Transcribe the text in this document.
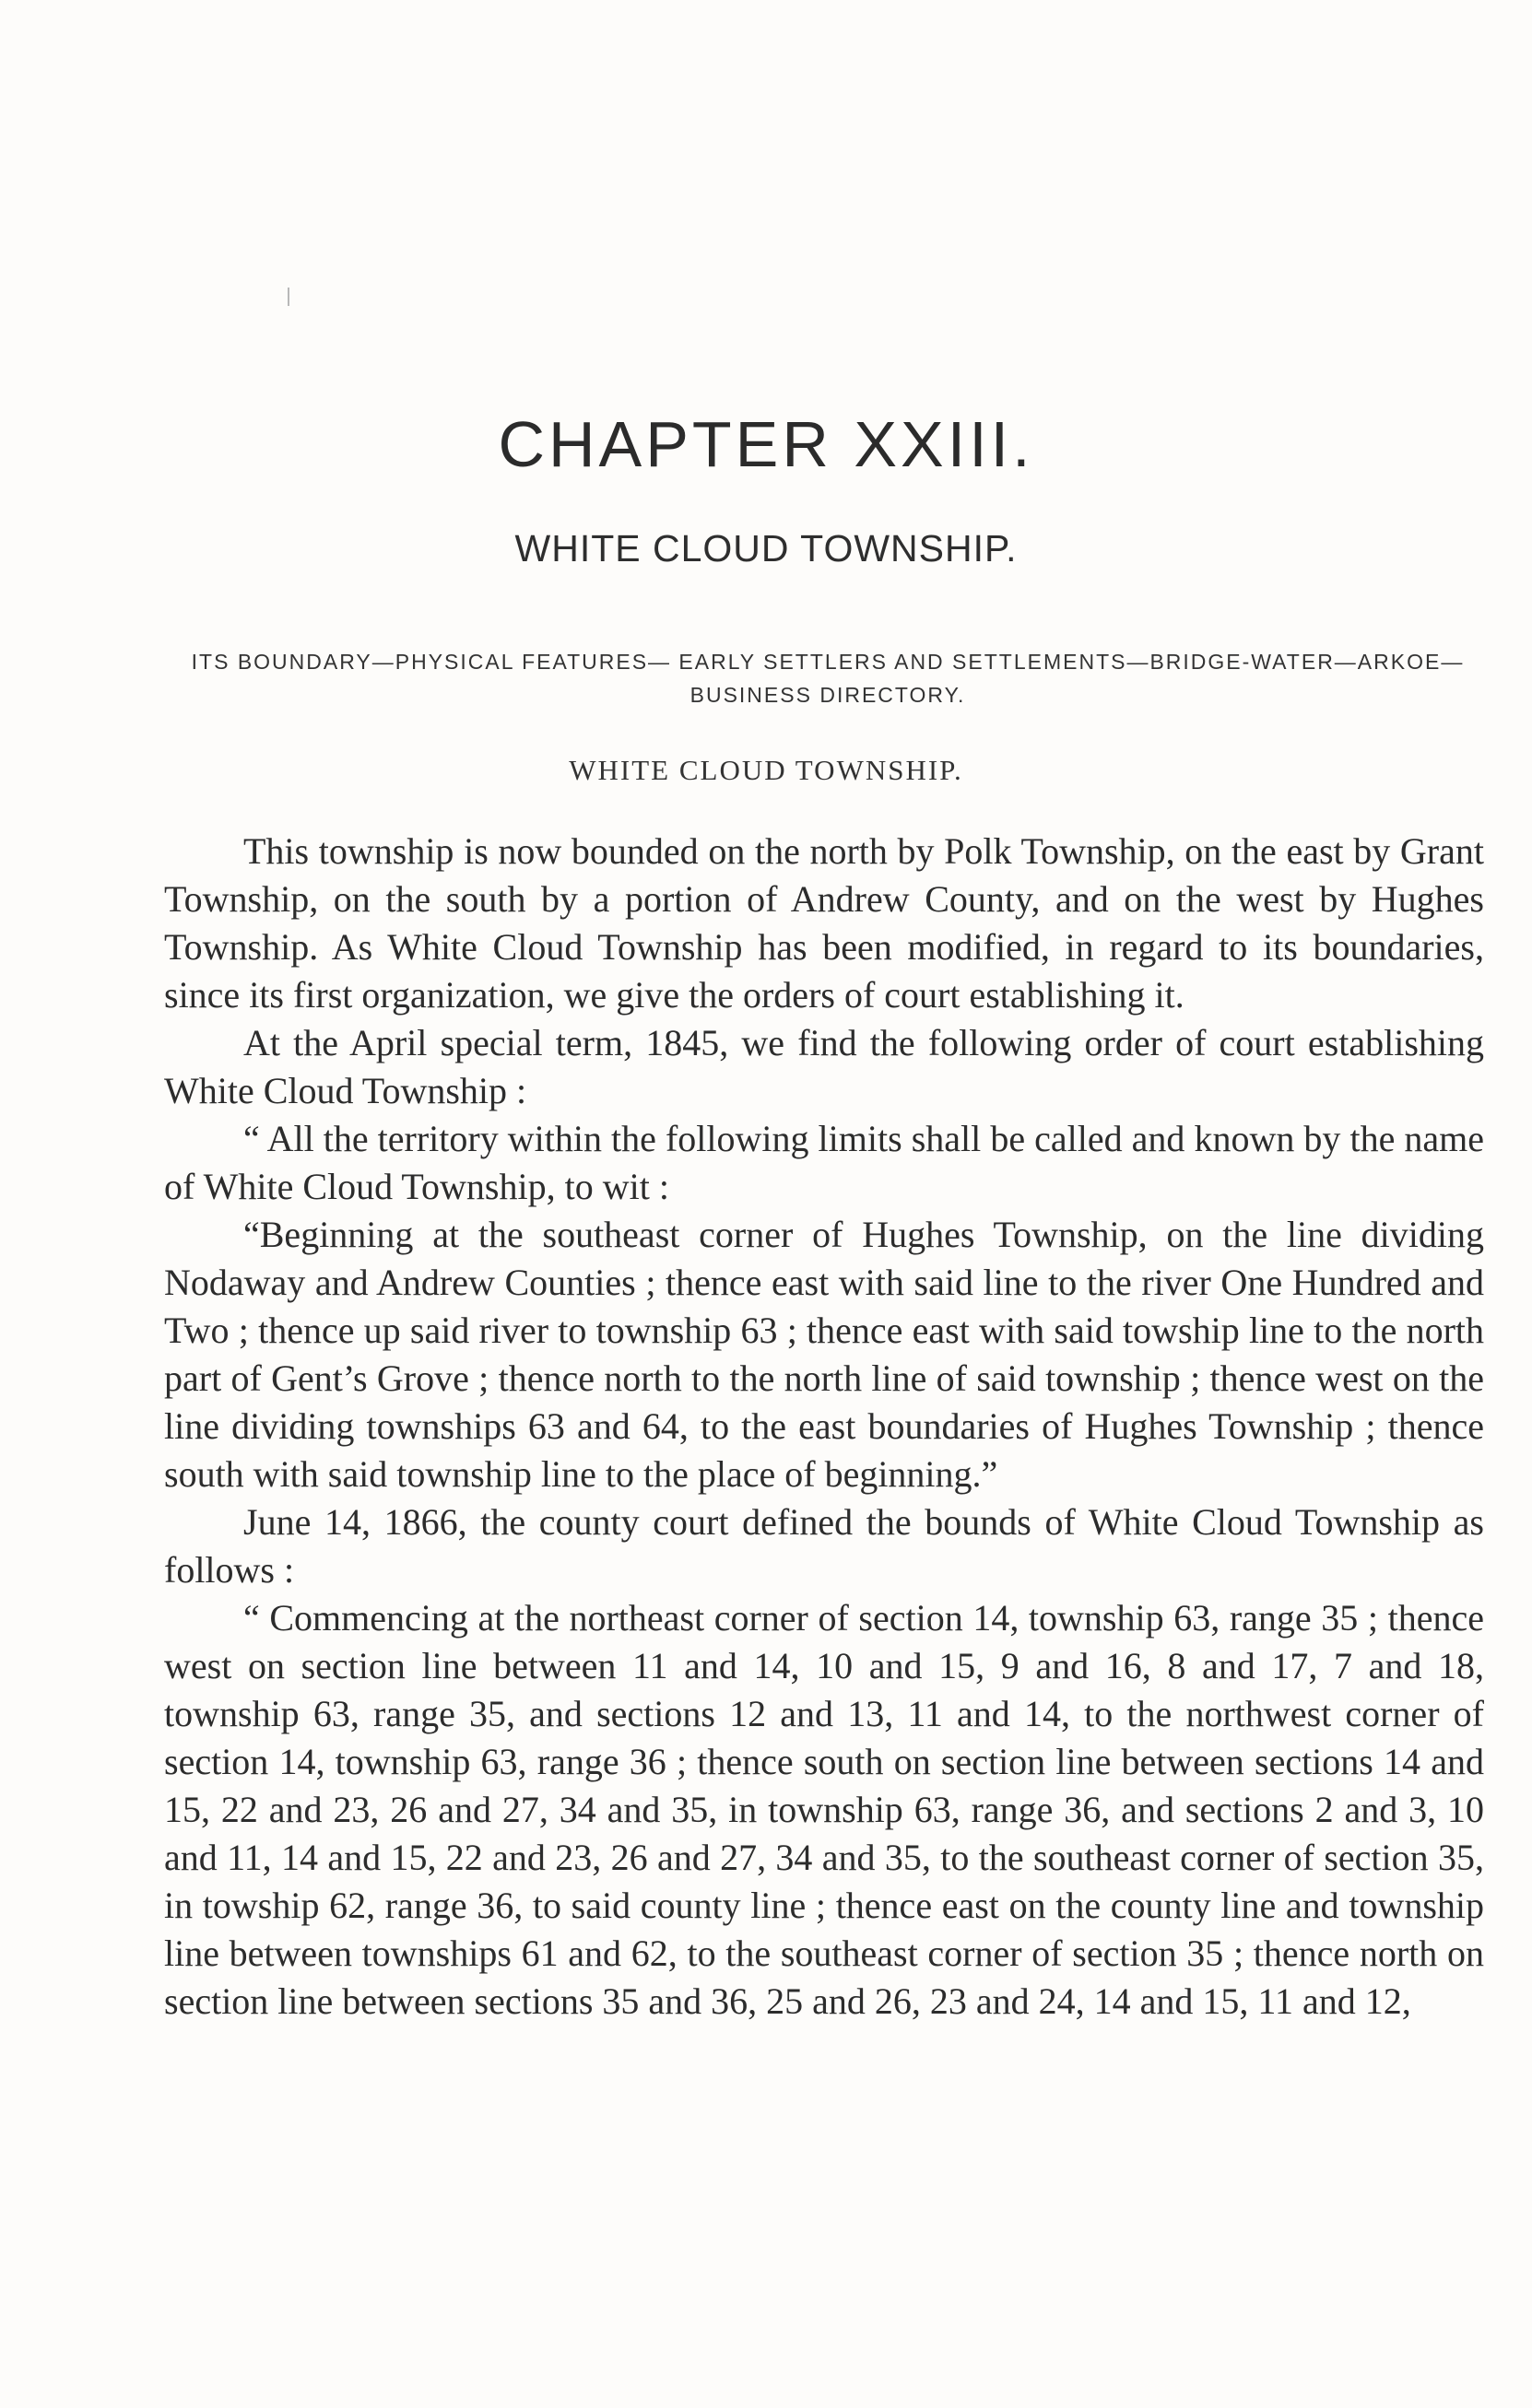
CHAPTER XXIII.
WHITE CLOUD TOWNSHIP.
ITS BOUNDARY—PHYSICAL FEATURES— EARLY SETTLERS AND SETTLEMENTS—BRIDGE-WATER—ARKOE—BUSINESS DIRECTORY.
WHITE CLOUD TOWNSHIP.

This township is now bounded on the north by Polk Township, on the east by Grant Township, on the south by a portion of Andrew County, and on the west by Hughes Township. As White Cloud Township has been modified, in regard to its boundaries, since its first organization, we give the orders of court establishing it.

At the April special term, 1845, we find the following order of court establishing White Cloud Township :

“ All the territory within the following limits shall be called and known by the name of White Cloud Township, to wit :

“Beginning at the southeast corner of Hughes Township, on the line dividing Nodaway and Andrew Counties ; thence east with said line to the river One Hundred and Two ; thence up said river to township 63 ; thence east with said towship line to the north part of Gent’s Grove ; thence north to the north line of said township ; thence west on the line dividing townships 63 and 64, to the east boundaries of Hughes Township ; thence south with said township line to the place of beginning.”

June 14, 1866, the county court defined the bounds of White Cloud Township as follows :

“ Commencing at the northeast corner of section 14, township 63, range 35 ; thence west on section line between 11 and 14, 10 and 15, 9 and 16, 8 and 17, 7 and 18, township 63, range 35, and sections 12 and 13, 11 and 14, to the northwest corner of section 14, township 63, range 36 ; thence south on section line between sections 14 and 15, 22 and 23, 26 and 27, 34 and 35, in township 63, range 36, and sections 2 and 3, 10 and 11, 14 and 15, 22 and 23, 26 and 27, 34 and 35, to the southeast corner of section 35, in towship 62, range 36, to said county line ; thence east on the county line and township line between townships 61 and 62, to the southeast corner of section 35 ; thence north on section line between sections 35 and 36, 25 and 26, 23 and 24, 14 and 15, 11 and 12,
